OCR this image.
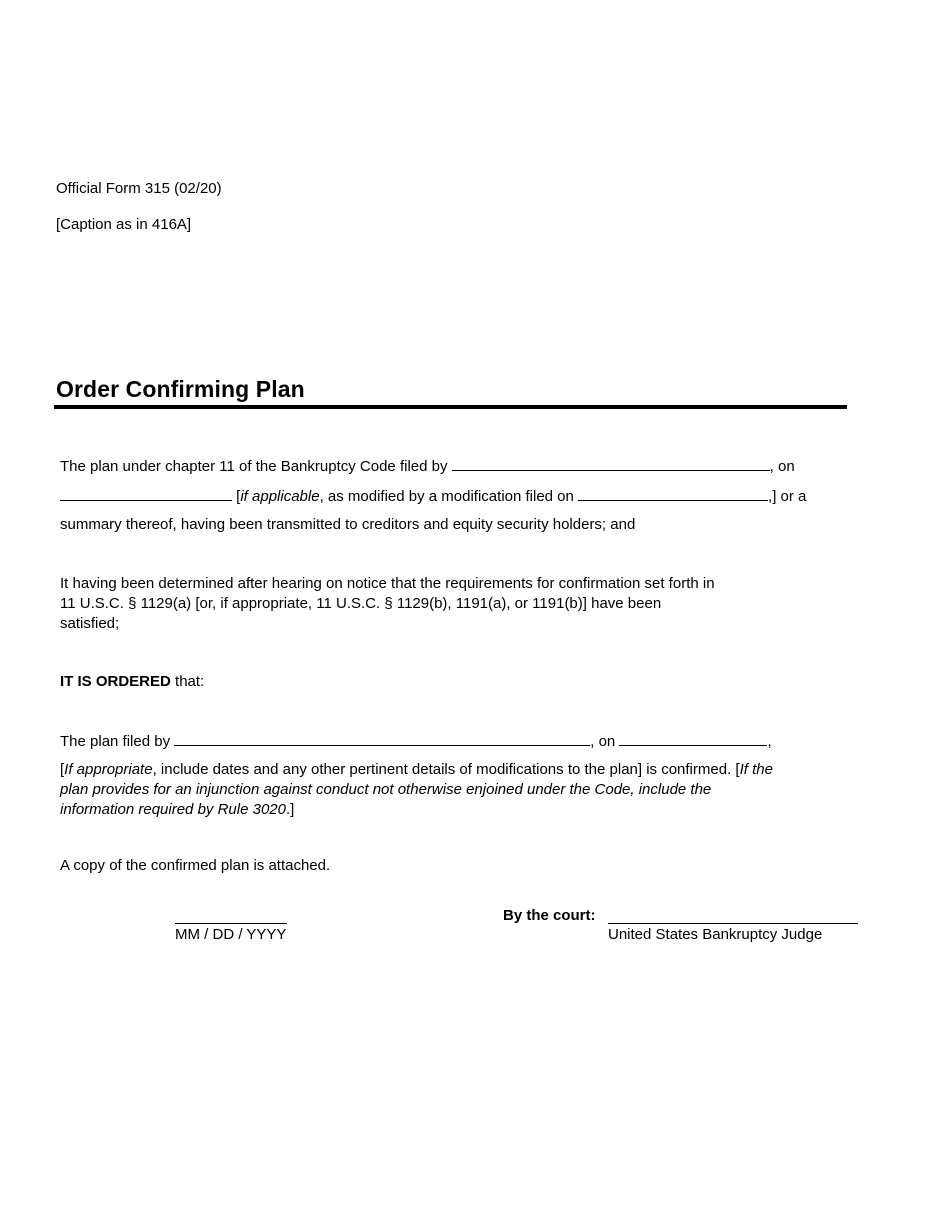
Official Form 315 (02/20)
[Caption as in 416A]
Order Confirming Plan
The plan under chapter 11 of the Bankruptcy Code filed by	, on
[if applicable, as modified by a modification filed on	,] or a
summary thereof, having been transmitted to creditors and equity security holders; and
It having been determined after hearing on notice that the requirements for confirmation set forth in
11 U.S.C. § 1129(a) [or, if appropriate, 11 U.S.C. § 1129(b), 1191(a), or 1191(b)] have been
satisfied;
IT IS ORDERED that:
The plan filed by	, on	,
[If appropriate, include dates and any other pertinent details of modifications to the plan] is confirmed. [If the plan provides for an injunction against conduct not otherwise enjoined under the Code, include the information required by Rule 3020.]
A copy of the confirmed plan is attached.
MM / DD / YYYY
By the court:
United States Bankruptcy Judge
